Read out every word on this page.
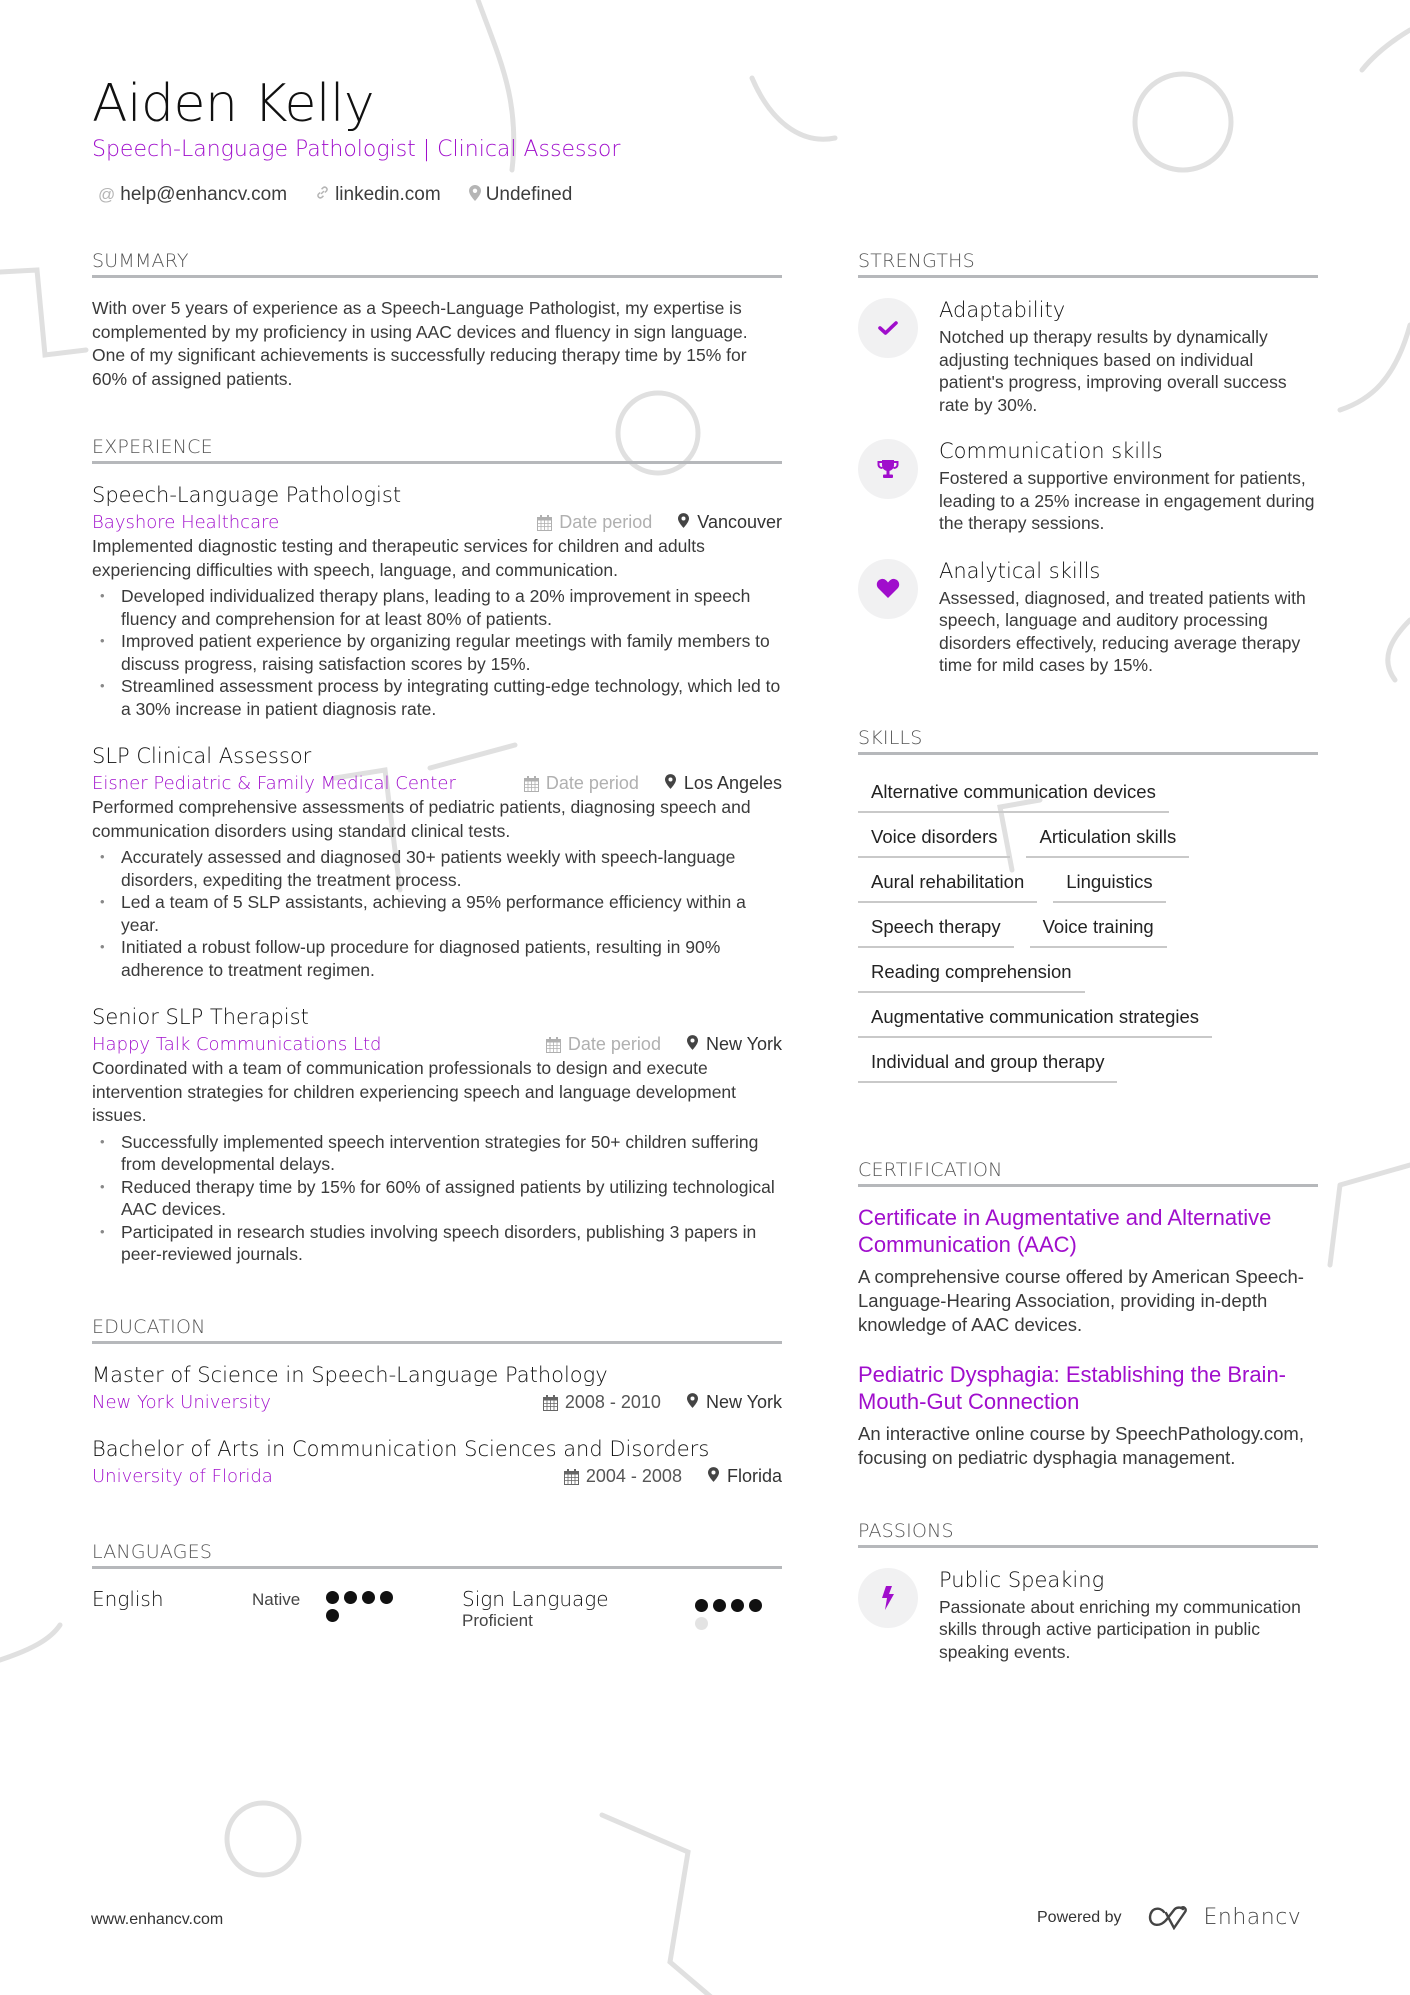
Aiden Kelly
Speech-Language Pathologist | Clinical Assessor
@ help@enhancv.com	linkedin.com Undefined
SUMMARY
With over 5 years of experience as a Speech-Language Pathologist, my expertise is complemented by my proficiency in using AAC devices and fluency in sign language. One of my significant achievements is successfully reducing therapy time by 15% for 60% of assigned patients.
EXPERIENCE
Speech-Language Pathologist
Bayshore Healthcare	Date period	Vancouver
Implemented diagnostic testing and therapeutic services for children and adults experiencing difficulties with speech, language, and communication.
• Developed individualized therapy plans, leading to a 20% improvement in speech fluency and comprehension for at least 80% of patients.
• Improved patient experience by organizing regular meetings with family members to discuss progress, raising satisfaction scores by 15%.
• Streamlined assessment process by integrating cutting-edge technology, which led to a 30% increase in patient diagnosis rate.
SLP Clinical Assessor
Eisner Pediatric & Family Medical Center	Date period	Los Angeles
Performed comprehensive assessments of pediatric patients, diagnosing speech and communication disorders using standard clinical tests.
• Accurately assessed and diagnosed 30+ patients weekly with speech-language disorders, expediting the treatment process.
• Led a team of 5 SLP assistants, achieving a 95% performance efficiency within a year.
• Initiated a robust follow-up procedure for diagnosed patients, resulting in 90% adherence to treatment regimen.
Senior SLP Therapist
Happy Talk Communications Ltd	Date period	New York
Coordinated with a team of communication professionals to design and execute intervention strategies for children experiencing speech and language development issues.
• Successfully implemented speech intervention strategies for 50+ children suffering from developmental delays.
• Reduced therapy time by 15% for 60% of assigned patients by utilizing technological AAC devices.
• Participated in research studies involving speech disorders, publishing 3 papers in peer-reviewed journals.
EDUCATION
Master of Science in Speech-Language Pathology
New York University	2008 - 2010	New York
Bachelor of Arts in Communication Sciences and Disorders
University of Florida	2004 - 2008	Florida
LANGUAGES
English	Native	Sign Language
Proficient
STRENGTHS
Adaptability
Notched up therapy results by dynamically adjusting techniques based on individual patient's progress, improving overall success rate by 30%.
Communication skills
Fostered a supportive environment for patients, leading to a 25% increase in engagement during the therapy sessions.
Analytical skills
Assessed, diagnosed, and treated patients with speech, language and auditory processing disorders effectively, reducing average therapy time for mild cases by 15%.
SKILLS
Alternative communication devices
Voice disorders	Articulation skills
Aural rehabilitation	Linguistics
Speech therapy	Voice training
Reading comprehension
Augmentative communication strategies
Individual and group therapy
CERTIFICATION
Certificate in Augmentative and Alternative Communication (AAC)
A comprehensive course offered by American Speech-Language-Hearing Association, providing in-depth knowledge of AAC devices.
Pediatric Dysphagia: Establishing the Brain-Mouth-Gut Connection
An interactive online course by SpeechPathology.com, focusing on pediatric dysphagia management.
PASSIONS
Public Speaking
Passionate about enriching my communication skills through active participation in public speaking events.
www.enhancv.com	Powered by	Enhancv
